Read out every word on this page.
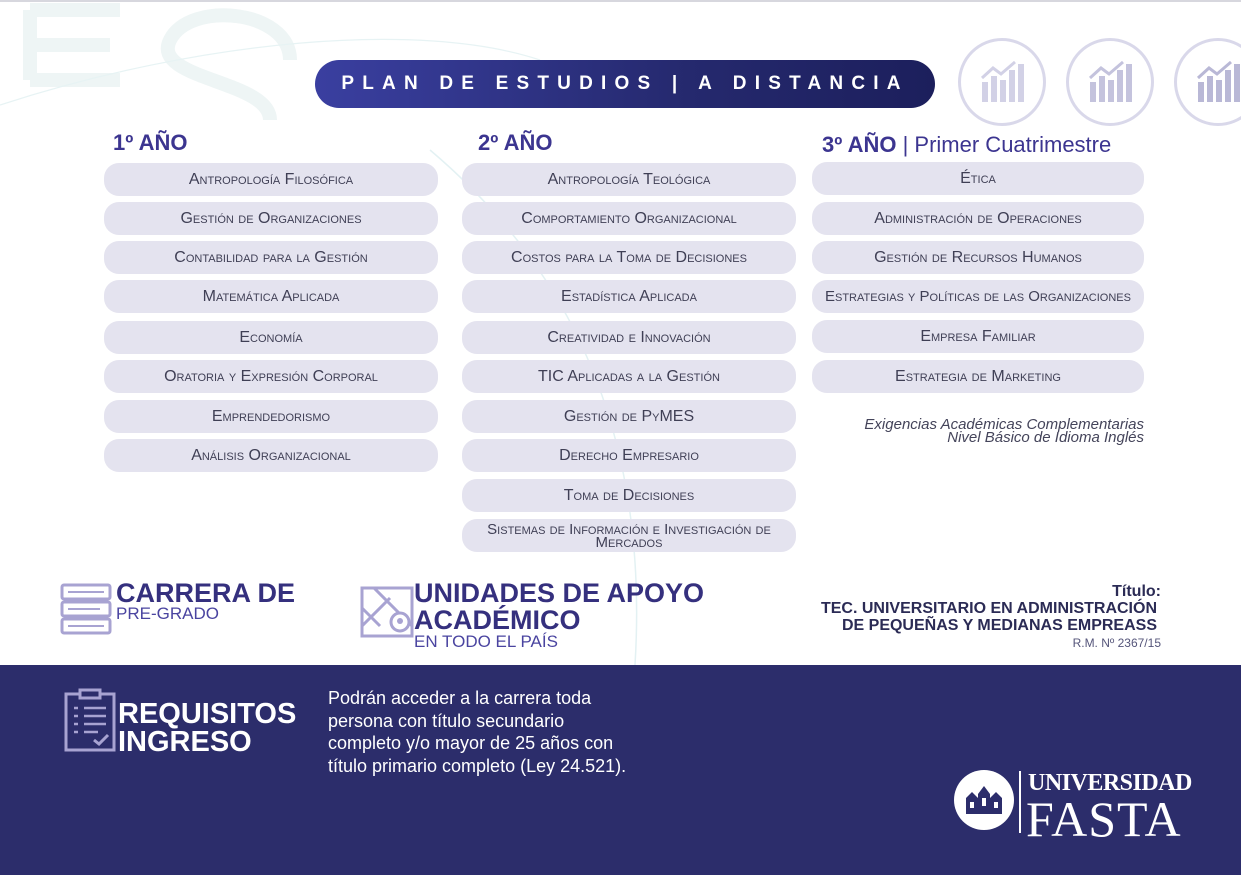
PLAN DE ESTUDIOS | A DISTANCIA
1º AÑO	2º AÑO	3º AÑO | Primer Cuatrimestre
Antropología Filosófica
Gestión de Organizaciones
Contabilidad para la Gestión
Matemática Aplicada
Economía
Oratoria y Expresión Corporal
Emprendedorismo
Análisis Organizacional
Antropología Teológica
Comportamiento Organizacional
Costos para la Toma de Decisiones
Estadística Aplicada
Creatividad e Innovación
TIC Aplicadas a la Gestión
Gestión de PyMES
Derecho Empresario
Toma de Decisiones
Sistemas de Información e Investigación de Mercados
Ética
Administración de Operaciones
Gestión de Recursos Humanos
Estrategias y Políticas de las Organizaciones
Empresa Familiar
Estrategia de Marketing
Exigencias Académicas Complementarias
Nivel Básico de Idioma Inglés
CARRERA DE
PRE-GRADO
UNIDADES DE APOYO
ACADÉMICO
EN TODO EL PAÍS
Título:
TEC. UNIVERSITARIO EN ADMINISTRACIÓN
DE PEQUEÑAS Y MEDIANAS EMPREASS
R.M. Nº 2367/15
REQUISITOS
INGRESO
Podrán acceder a la carrera toda persona con título secundario completo y/o mayor de 25 años con título primario completo (Ley 24.521).
UNIVERSIDAD
FASTA
